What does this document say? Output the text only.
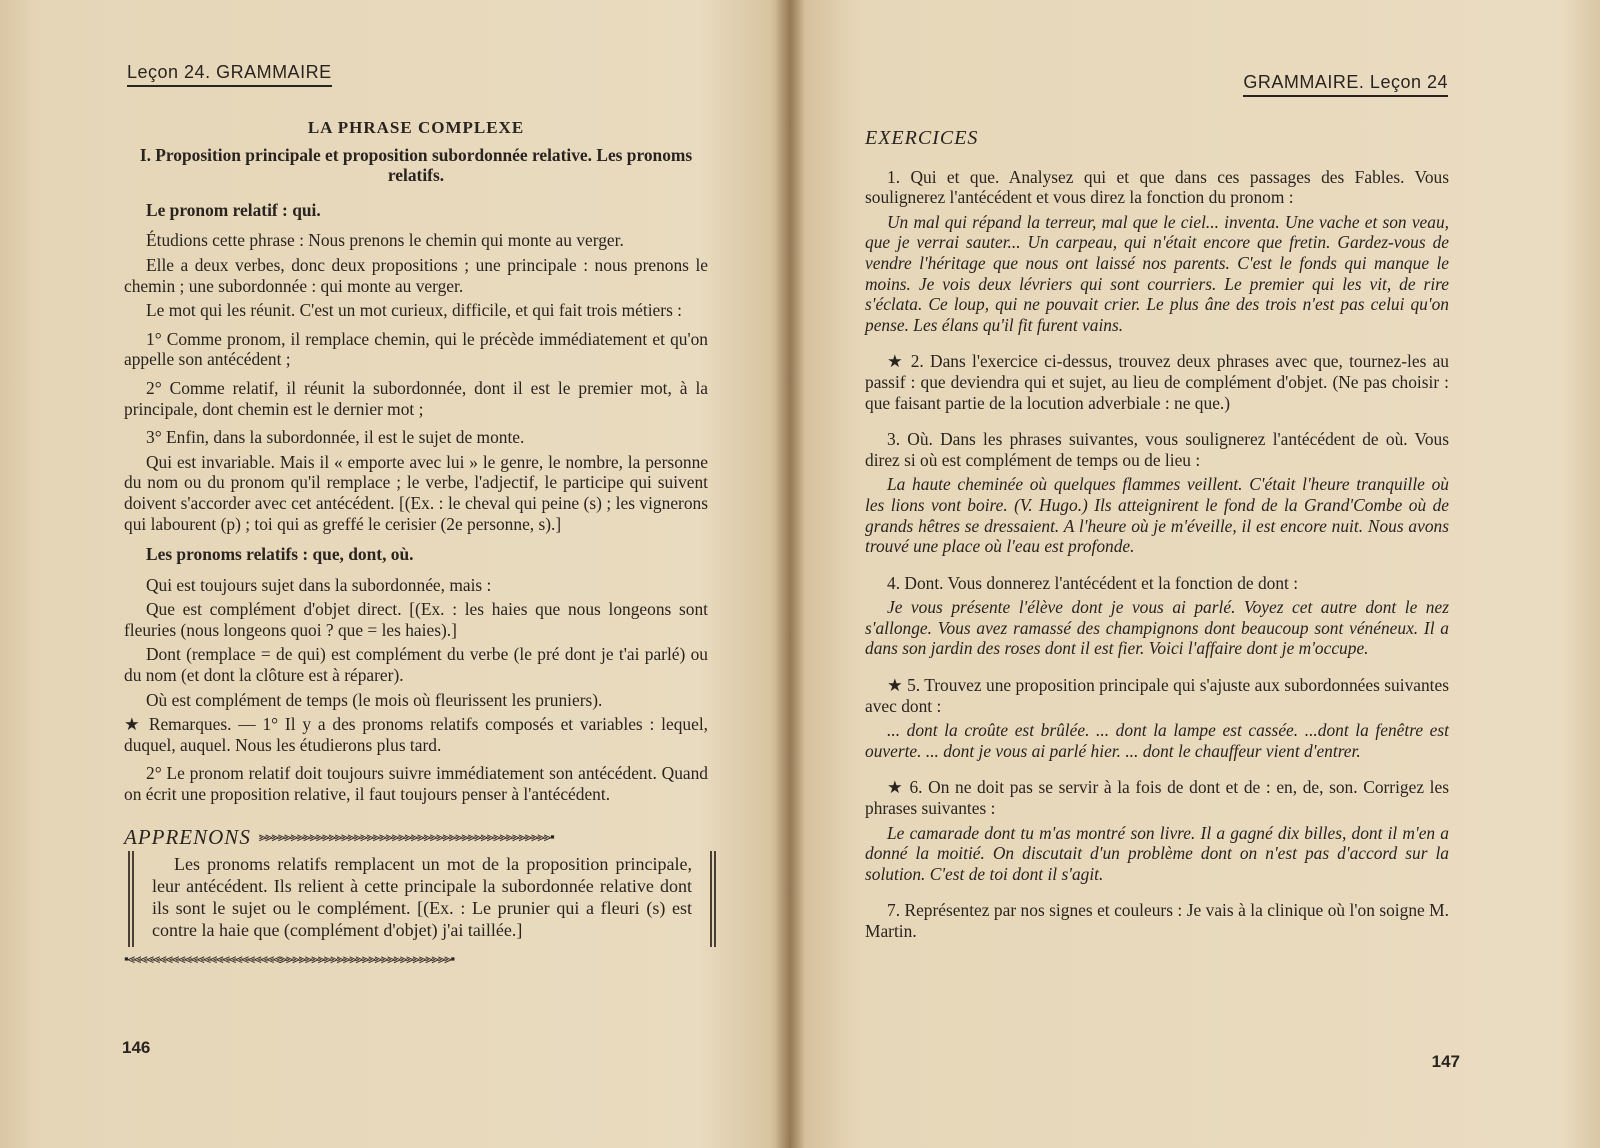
Leçon 24. GRAMMAIRE
LA PHRASE COMPLEXE
I. Proposition principale et proposition subordonnée relative. Les pronoms relatifs.
Le pronom relatif : qui.

Étudions cette phrase : Nous prenons le chemin qui monte au verger.

Elle a deux verbes, donc deux propositions ; une principale : nous prenons le chemin ; une subordonnée : qui monte au verger.

Le mot qui les réunit. C'est un mot curieux, difficile, et qui fait trois métiers :

1° Comme pronom, il remplace chemin, qui le précède immédiatement et qu'on appelle son antécédent ;

2° Comme relatif, il réunit la subordonnée, dont il est le premier mot, à la principale, dont chemin est le dernier mot ;

3° Enfin, dans la subordonnée, il est le sujet de monte.

Qui est invariable. Mais il « emporte avec lui » le genre, le nombre, la personne du nom ou du pronom qu'il remplace ; le verbe, l'adjectif, le participe qui suivent doivent s'accorder avec cet antécédent. [(Ex. : le cheval qui peine (s) ; les vignerons qui labourent (p) ; toi qui as greffé le cerisier (2e personne, s).]

Les pronoms relatifs : que, dont, où.

Qui est toujours sujet dans la subordonnée, mais :

Que est complément d'objet direct. [(Ex. : les haies que nous longeons sont fleuries (nous longeons quoi ? que = les haies).]

Dont (remplace = de qui) est complément du verbe (le pré dont je t'ai parlé) ou du nom (et dont la clôture est à réparer).

Où est complément de temps (le mois où fleurissent les pruniers).

★ Remarques. — 1° Il y a des pronoms relatifs composés et variables : lequel, duquel, auquel. Nous les étudierons plus tard.

2° Le pronom relatif doit toujours suivre immédiatement son antécédent. Quand on écrit une proposition relative, il faut toujours penser à l'antécédent.

APPRENONS ⪢⪢⪢⪢⪢⪢⪢⪢⪢⪢⪢⪢⪢⪢⪢⪢⪢⪢⪢⪢⪢⪢⪢⪢⪢⪢⪢⪢⪢⪢⪢⪢⪢⪢⪢⪢⪢⪢⪢⪢⪢⪢⪢⪢⪢⪢▪

Les pronoms relatifs remplacent un mot de la proposition principale, leur antécédent. Ils relient à cette principale la subordonnée relative dont ils sont le sujet ou le complément. [(Ex. : Le prunier qui a fleuri (s) est contre la haie que (complément d'objet) j'ai taillée.]

▪⪡⪡⪡⪡⪡⪡⪡⪡⪡⪡⪡⪡⪡⪡⪡⪡⪡⪡⪡⪡⪡⪡⪡⪡⪢⪢⪢⪢⪢⪢⪢⪢⪢⪢⪢⪢⪢⪢⪢⪢⪢⪢⪢⪢⪢⪢⪢⪢⪢⪢⪢▪
146
GRAMMAIRE. Leçon 24
EXERCICES

1. Qui et que. Analysez qui et que dans ces passages des Fables. Vous soulignerez l'antécédent et vous direz la fonction du pronom :

Un mal qui répand la terreur, mal que le ciel... inventa. Une vache et son veau, que je verrai sauter... Un carpeau, qui n'était encore que fretin. Gardez-vous de vendre l'héritage que nous ont laissé nos parents. C'est le fonds qui manque le moins. Je vois deux lévriers qui sont courriers. Le premier qui les vit, de rire s'éclata. Ce loup, qui ne pouvait crier. Le plus âne des trois n'est pas celui qu'on pense. Les élans qu'il fit furent vains.

★ 2. Dans l'exercice ci-dessus, trouvez deux phrases avec que, tournez-les au passif : que deviendra qui et sujet, au lieu de complément d'objet. (Ne pas choisir : que faisant partie de la locution adverbiale : ne que.)

3. Où. Dans les phrases suivantes, vous soulignerez l'antécédent de où. Vous direz si où est complément de temps ou de lieu :

La haute cheminée où quelques flammes veillent. C'était l'heure tranquille où les lions vont boire. (V. Hugo.) Ils atteignirent le fond de la Grand'Combe où de grands hêtres se dressaient. A l'heure où je m'éveille, il est encore nuit. Nous avons trouvé une place où l'eau est profonde.

4. Dont. Vous donnerez l'antécédent et la fonction de dont :

Je vous présente l'élève dont je vous ai parlé. Voyez cet autre dont le nez s'allonge. Vous avez ramassé des champignons dont beaucoup sont vénéneux. Il a dans son jardin des roses dont il est fier. Voici l'affaire dont je m'occupe.

★ 5. Trouvez une proposition principale qui s'ajuste aux subordonnées suivantes avec dont :

... dont la croûte est brûlée. ... dont la lampe est cassée. ...dont la fenêtre est ouverte. ... dont je vous ai parlé hier. ... dont le chauffeur vient d'entrer.

★ 6. On ne doit pas se servir à la fois de dont et de : en, de, son. Corrigez les phrases suivantes :

Le camarade dont tu m'as montré son livre. Il a gagné dix billes, dont il m'en a donné la moitié. On discutait d'un problème dont on n'est pas d'accord sur la solution. C'est de toi dont il s'agit.

7. Représentez par nos signes et couleurs : Je vais à la clinique où l'on soigne M. Martin.

147
